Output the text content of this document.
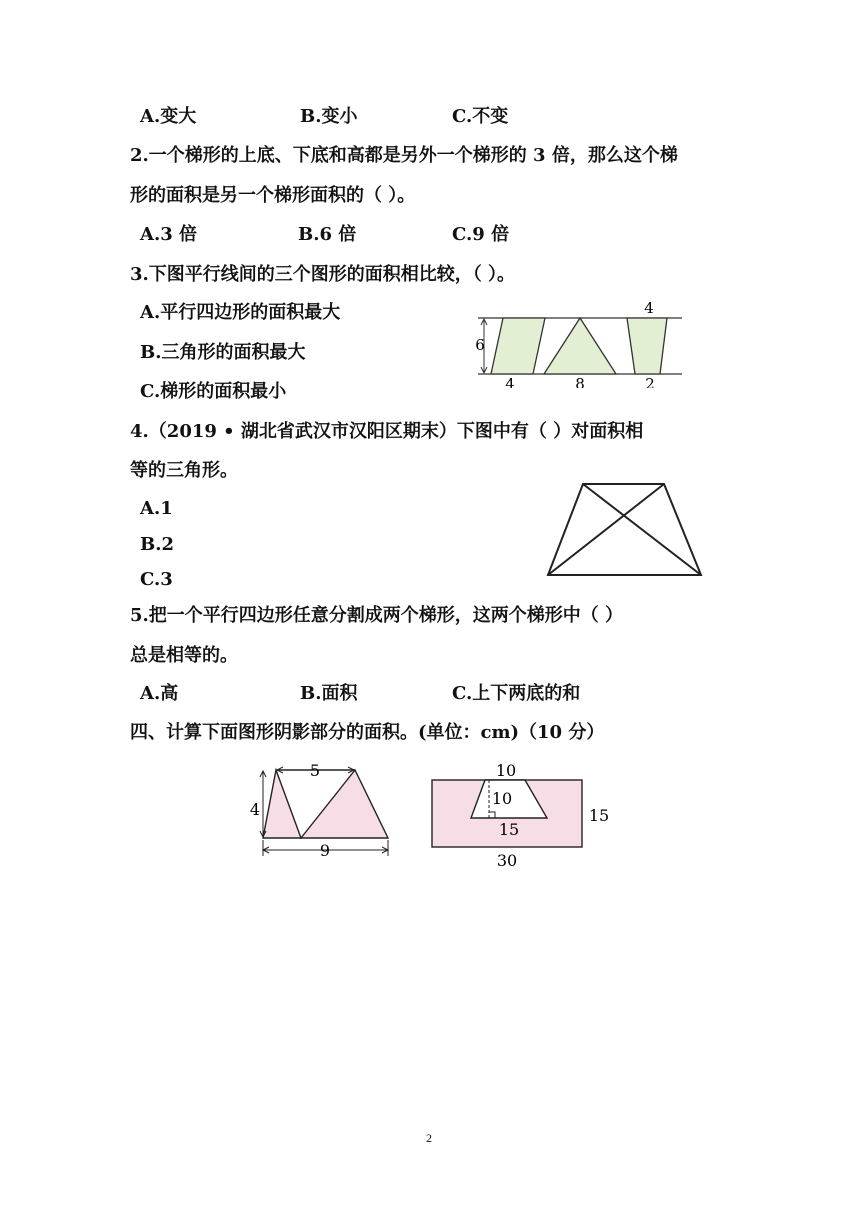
A.变大	B.变小	C.不变
2.一个梯形的上底、下底和高都是另外一个梯形的 3 倍，那么这个梯
形的面积是另一个梯形面积的（ ）。
A.3 倍	B.6 倍	C.9 倍
3.下图平行线间的三个图形的面积相比较，（ ）。
A.平行四边形的面积最大
B.三角形的面积最大
C.梯形的面积最小
6
4	8
4
2
4.（2019 • 湖北省武汉市汉阳区期末）下图中有（ ）对面积相
等的三角形。
A.1
B.2
C.3
5.把一个平行四边形任意分割成两个梯形，这两个梯形中（ ）
总是相等的。
A.高	B.面积	C.上下两底的和
四、计算下面图形阴影部分的面积。(单位：cm)（10 分）
5
4
9
10
10
15
15
30
2
